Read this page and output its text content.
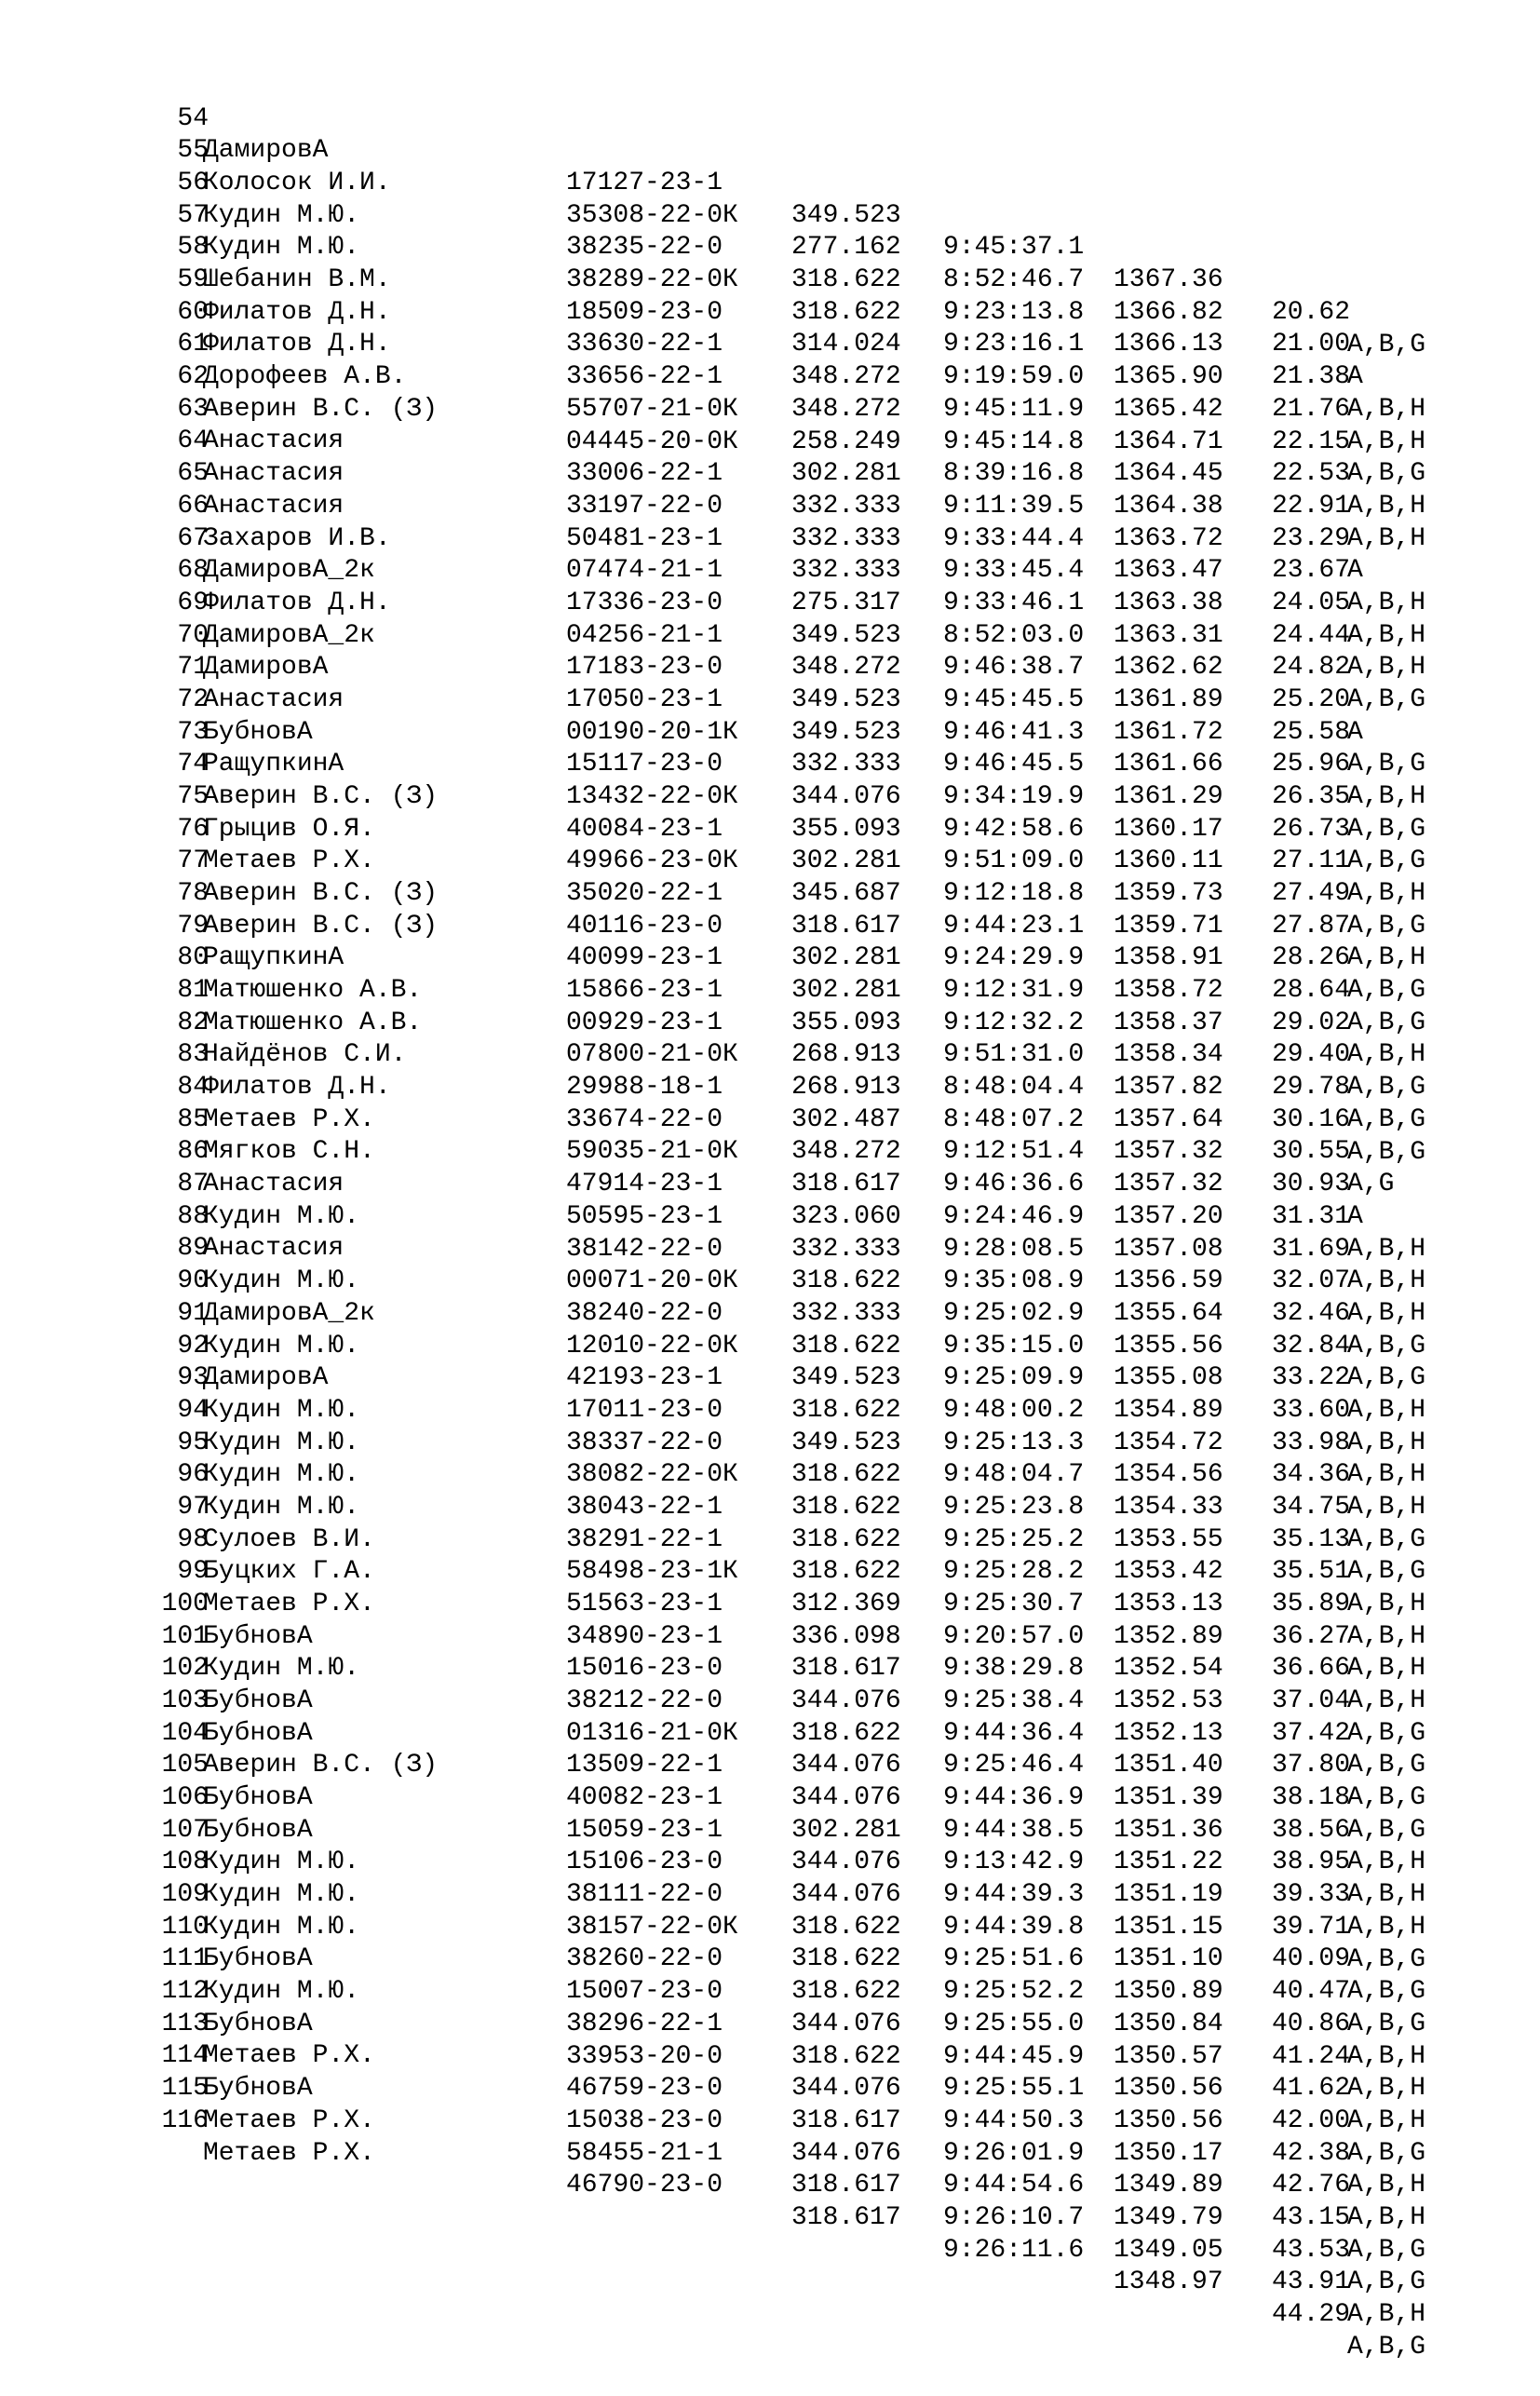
54

ДамировА

17127-23-1

349.523

9:45:37.1

1367.36

20.62

A,B,G

55

Колосок И.И.

35308-22-0К

277.162

8:52:46.7

1366.82

21.00

A

56

Кудин М.Ю.

38235-22-0

318.622

9:23:13.8

1366.13

21.38

A,B,H

57

Кудин М.Ю.

38289-22-0К

318.622

9:23:16.1

1365.90

21.76

A,B,H

58

Шебанин В.М.

18509-23-0

314.024

9:19:59.0

1365.42

22.15

A,B,G

59

Филатов Д.Н.

33630-22-1

348.272

9:45:11.9

1364.71

22.53

A,B,H

60

Филатов Д.Н.

33656-22-1

348.272

9:45:14.8

1364.45

22.91

A,B,H

61

Дорофеев А.В.

55707-21-0К

258.249

8:39:16.8

1364.38

23.29

A

62

Аверин В.С. (З)

04445-20-0К

302.281

9:11:39.5

1363.72

23.67

A,B,H

63

Анастасия

33006-22-1

332.333

9:33:44.4

1363.47

24.05

A,B,H

64

Анастасия

33197-22-0

332.333

9:33:45.4

1363.38

24.44

A,B,H

65

Анастасия

50481-23-1

332.333

9:33:46.1

1363.31

24.82

A,B,G

66

Захаров И.В.

07474-21-1

275.317

8:52:03.0

1362.62

25.20

A

67

ДамировА_2к

17336-23-0

349.523

9:46:38.7

1361.89

25.58

A,B,G

68

Филатов Д.Н.

04256-21-1

348.272

9:45:45.5

1361.72

25.96

A,B,H

69

ДамировА_2к

17183-23-0

349.523

9:46:41.3

1361.66

26.35

A,B,G

70

ДамировА

17050-23-1

349.523

9:46:45.5

1361.29

26.73

A,B,G

71

Анастасия

00190-20-1К

332.333

9:34:19.9

1360.17

27.11

A,B,H

72

БубновА

15117-23-0

344.076

9:42:58.6

1360.11

27.49

A,B,G

73

РащупкинА

13432-22-0К

355.093

9:51:09.0

1359.73

27.87

A,B,H

74

Аверин В.С. (З)

40084-23-1

302.281

9:12:18.8

1359.71

28.26

A,B,G

75

Грыцив О.Я.

49966-23-0К

345.687

9:44:23.1

1358.91

28.64

A,B,G

76

Метаев Р.Х.

35020-22-1

318.617

9:24:29.9

1358.72

29.02

A,B,H

77

Аверин В.С. (З)

40116-23-0

302.281

9:12:31.9

1358.37

29.40

A,B,G

78

Аверин В.С. (З)

40099-23-1

302.281

9:12:32.2

1358.34

29.78

A,B,G

79

РащупкинА

15866-23-1

355.093

9:51:31.0

1357.82

30.16

A,B,G

80

Матюшенко А.В.

00929-23-1

268.913

8:48:04.4

1357.64

30.55

A,G

81

Матюшенко А.В.

07800-21-0К

268.913

8:48:07.2

1357.32

30.93

A

82

Найдёнов С.И.

29988-18-1

302.487

9:12:51.4

1357.32

31.31

A,B,H

83

Филатов Д.Н.

33674-22-0

348.272

9:46:36.6

1357.20

31.69

A,B,H

84

Метаев Р.Х.

59035-21-0К

318.617

9:24:46.9

1357.08

32.07

A,B,H

85

Мягков С.Н.

47914-23-1

323.060

9:28:08.5

1356.59

32.46

A,B,G

86

Анастасия

50595-23-1

332.333

9:35:08.9

1355.64

32.84

A,B,G

87

Кудин М.Ю.

38142-22-0

318.622

9:25:02.9

1355.56

33.22

A,B,H

88

Анастасия

00071-20-0К

332.333

9:35:15.0

1355.08

33.60

A,B,H

89

Кудин М.Ю.

38240-22-0

318.622

9:25:09.9

1354.89

33.98

A,B,H

90

ДамировА_2к

12010-22-0К

349.523

9:48:00.2

1354.72

34.36

A,B,H

91

Кудин М.Ю.

42193-23-1

318.622

9:25:13.3

1354.56

34.75

A,B,G

92

ДамировА

17011-23-0

349.523

9:48:04.7

1354.33

35.13

A,B,G

93

Кудин М.Ю.

38337-22-0

318.622

9:25:23.8

1353.55

35.51

A,B,H

94

Кудин М.Ю.

38082-22-0К

318.622

9:25:25.2

1353.42

35.89

A,B,H

95

Кудин М.Ю.

38043-22-1

318.622

9:25:28.2

1353.13

36.27

A,B,H

96

Кудин М.Ю.

38291-22-1

318.622

9:25:30.7

1352.89

36.66

A,B,H

97

Сулоев В.И.

58498-23-1К

312.369

9:20:57.0

1352.54

37.04

A,B,G

98

Буцких Г.А.

51563-23-1

336.098

9:38:29.8

1352.53

37.42

A,B,G

99

Метаев Р.Х.

34890-23-1

318.617

9:25:38.4

1352.13

37.80

A,B,G

100

БубновА

15016-23-0

344.076

9:44:36.4

1351.40

38.18

A,B,G

101

Кудин М.Ю.

38212-22-0

318.622

9:25:46.4

1351.39

38.56

A,B,H

102

БубновА

01316-21-0К

344.076

9:44:36.9

1351.36

38.95

A,B,H

103

БубновА

13509-22-1

344.076

9:44:38.5

1351.22

39.33

A,B,H

104

Аверин В.С. (З)

40082-23-1

302.281

9:13:42.9

1351.19

39.71

A,B,G

105

БубновА

15059-23-1

344.076

9:44:39.3

1351.15

40.09

A,B,G

106

БубновА

15106-23-0

344.076

9:44:39.8

1351.10

40.47

A,B,G

107

Кудин М.Ю.

38111-22-0

318.622

9:25:51.6

1350.89

40.86

A,B,H

108

Кудин М.Ю.

38157-22-0К

318.622

9:25:52.2

1350.84

41.24

A,B,H

109

Кудин М.Ю.

38260-22-0

318.622

9:25:55.0

1350.57

41.62

A,B,H

110

БубновА

15007-23-0

344.076

9:44:45.9

1350.56

42.00

A,B,G

111

Кудин М.Ю.

38296-22-1

318.622

9:25:55.1

1350.56

42.38

A,B,H

112

БубновА

33953-20-0

344.076

9:44:50.3

1350.17

42.76

A,B,H

113

Метаев Р.Х.

46759-23-0

318.617

9:26:01.9

1349.89

43.15

A,B,G

114

БубновА

15038-23-0

344.076

9:44:54.6

1349.79

43.53

A,B,G

115

Метаев Р.Х.

58455-21-1

318.617

9:26:10.7

1349.05

43.91

A,B,H

116

Метаев Р.Х.

46790-23-0

318.617

9:26:11.6

1348.97

44.29

A,B,G
